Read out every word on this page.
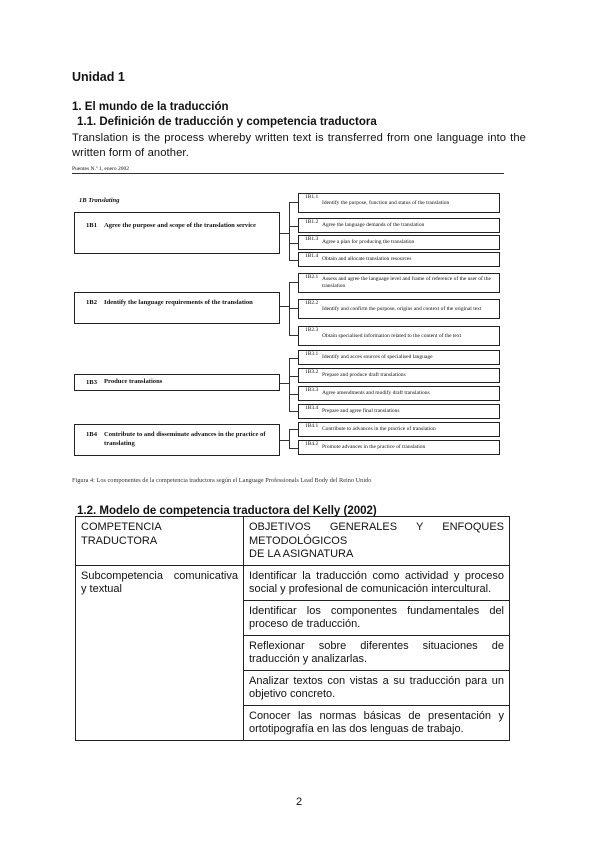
Unidad 1
1. El mundo de la traducción
1.1. Definición de traducción y competencia traductora
Translation is the process whereby written text is transferred from one language into the written form of another.
Puentes N.º 1, enero 2002
1B Translating
1B1	Agree the purpose and scope of the translation service
1B1.1
Identify the purpose, function and status of the translation
1B1.2 Agree the language demands of the translation
1B1.3 Agree a plan for producing the translation
1B1.4 Obtain and allocate translation resources
1B2	Identify the language requirements of the translation
1B2.1 Assess and agree the language level and frame of reference of the user of the translation
1B2.2
Identify and confirm the purpose, origins and context of the original text
1B2.3
Obtain specialised information related to the content of the text
1B3	Produce translations
1B3.1 Identify and acces sources of specialised language
1B3.2 Prepare and produce draft translations
1B3.3 Agree amendments and modify draft translations
1B3.4 Prepare and agree final translations
1B4	Contribute to and disseminate advances in the practice of translating
1B4.1 Contribute to advances in the practice of translation
1B4.2 Promote advances in the practice of translation
Figura 4: Los componentes de la competencia traductora según el Language Professionals Lead Body del Reino Unido
1.2. Modelo de competencia traductora del Kelly (2002)
COMPETENCIA TRADUCTORA	OBJETIVOS GENERALES Y ENFOQUES METODOLÓGICOS
DE LA ASIGNATURA

Subcompetencia comunicativa y textual	Identificar la traducción como actividad y proceso social y profesional de comunicación intercultural.
	Identificar los componentes fundamentales del proceso de traducción.
	Reflexionar sobre diferentes situaciones de traducción y analizarlas.
	Analizar textos con vistas a su traducción para un objetivo concreto.
	Conocer las normas básicas de presentación y ortotipografía en las dos lenguas de trabajo.
2
